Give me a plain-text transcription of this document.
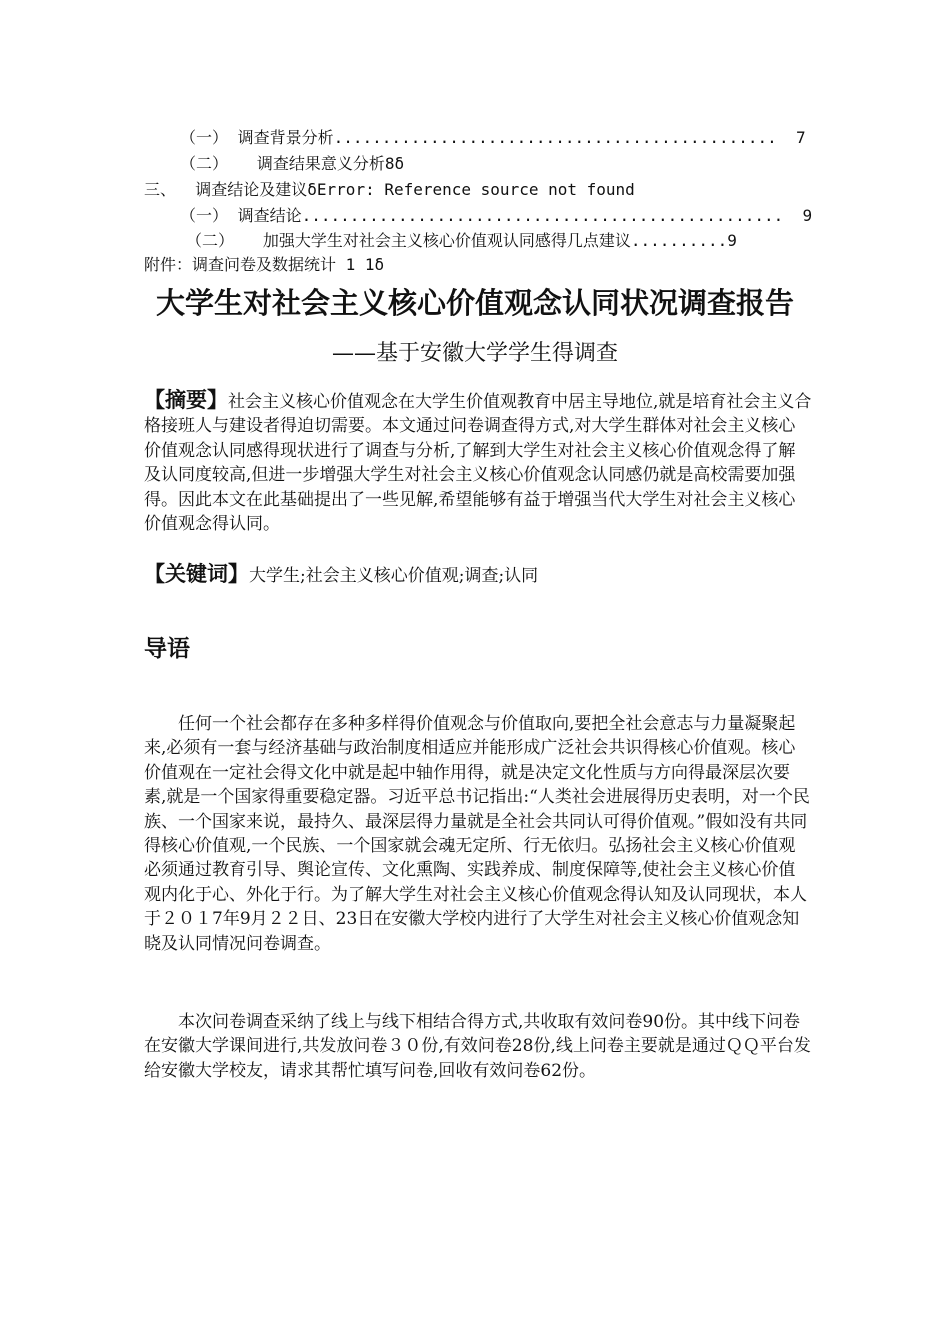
（一） 调查背景分析..............................................  7
（二）   调查结果意义分析8δ
三、  调查结论及建议δError: Reference source not found
（一） 调查结论..................................................  9
（二）   加强大学生对社会主义核心价值观认同感得几点建议..........9
附件：调查问卷及数据统计 1 1δ
大学生对社会主义核心价值观念认同状况调查报告
——基于安徽大学学生得调查
【摘要】社会主义核心价值观念在大学生价值观教育中居主导地位,就是培育社会主义合格接班人与建设者得迫切需要。本文通过问卷调查得方式,对大学生群体对社会主义核心价值观念认同感得现状进行了调查与分析,了解到大学生对社会主义核心价值观念得了解及认同度较高,但进一步增强大学生对社会主义核心价值观念认同感仍就是高校需要加强得。因此本文在此基础提出了一些见解,希望能够有益于增强当代大学生对社会主义核心价值观念得认同。
【关键词】大学生;社会主义核心价值观;调查;认同
导语
任何一个社会都存在多种多样得价值观念与价值取向,要把全社会意志与力量凝聚起来,必须有一套与经济基础与政治制度相适应并能形成广泛社会共识得核心价值观。核心价值观在一定社会得文化中就是起中轴作用得，就是决定文化性质与方向得最深层次要素,就是一个国家得重要稳定器。习近平总书记指出:“人类社会进展得历史表明，对一个民族、一个国家来说，最持久、最深层得力量就是全社会共同认可得价值观。”假如没有共同得核心价值观,一个民族、一个国家就会魂无定所、行无依归。弘扬社会主义核心价值观必须通过教育引导、舆论宣传、文化熏陶、实践养成、制度保障等,使社会主义核心价值观内化于心、外化于行。为了解大学生对社会主义核心价值观念得认知及认同现状，本人于２０１7年9月２２日、23日在安徽大学校内进行了大学生对社会主义核心价值观念知晓及认同情况问卷调查。
本次问卷调查采纳了线上与线下相结合得方式,共收取有效问卷90份。其中线下问卷在安徽大学课间进行,共发放问卷３０份,有效问卷28份,线上问卷主要就是通过ＱＱ平台发给安徽大学校友，请求其帮忙填写问卷,回收有效问卷62份。
